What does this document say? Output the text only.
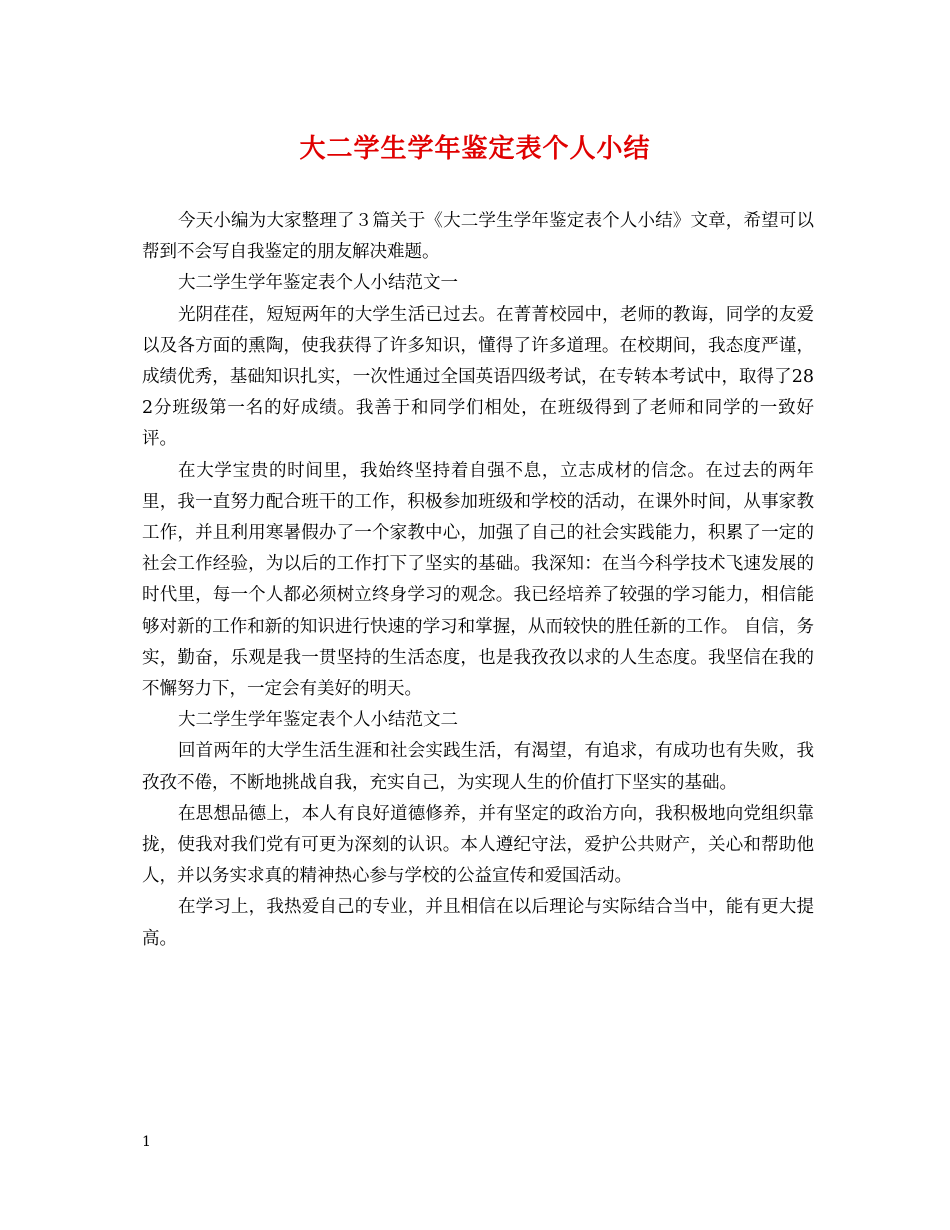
大二学生学年鉴定表个人小结

今天小编为大家整理了３篇关于《大二学生学年鉴定表个人小结》文章，希望可以帮到不会写自我鉴定的朋友解决难题。

大二学生学年鉴定表个人小结范文一

光阴荏荏，短短两年的大学生活已过去。在菁菁校园中，老师的教诲，同学的友爱以及各方面的熏陶，使我获得了许多知识，懂得了许多道理。在校期间，我态度严谨，成绩优秀，基础知识扎实，一次性通过全国英语四级考试，在专转本考试中，取得了282分班级第一名的好成绩。我善于和同学们相处，在班级得到了老师和同学的一致好评。

在大学宝贵的时间里，我始终坚持着自强不息，立志成材的信念。在过去的两年里，我一直努力配合班干的工作，积极参加班级和学校的活动，在课外时间，从事家教工作，并且利用寒暑假办了一个家教中心，加强了自己的社会实践能力，积累了一定的社会工作经验，为以后的工作打下了坚实的基础。我深知：在当今科学技术飞速发展的时代里，每一个人都必须树立终身学习的观念。我已经培养了较强的学习能力，相信能够对新的工作和新的知识进行快速的学习和掌握，从而较快的胜任新的工作。 自信，务实，勤奋，乐观是我一贯坚持的生活态度，也是我孜孜以求的人生态度。我坚信在我的不懈努力下，一定会有美好的明天。

大二学生学年鉴定表个人小结范文二

回首两年的大学生活生涯和社会实践生活，有渴望，有追求，有成功也有失败，我孜孜不倦，不断地挑战自我，充实自己，为实现人生的价值打下坚实的基础。

在思想品德上，本人有良好道德修养，并有坚定的政治方向，我积极地向党组织靠拢，使我对我们党有可更为深刻的认识。本人遵纪守法，爱护公共财产，关心和帮助他人，并以务实求真的精神热心参与学校的公益宣传和爱国活动。

在学习上，我热爱自己的专业，并且相信在以后理论与实际结合当中，能有更大提高。

1
